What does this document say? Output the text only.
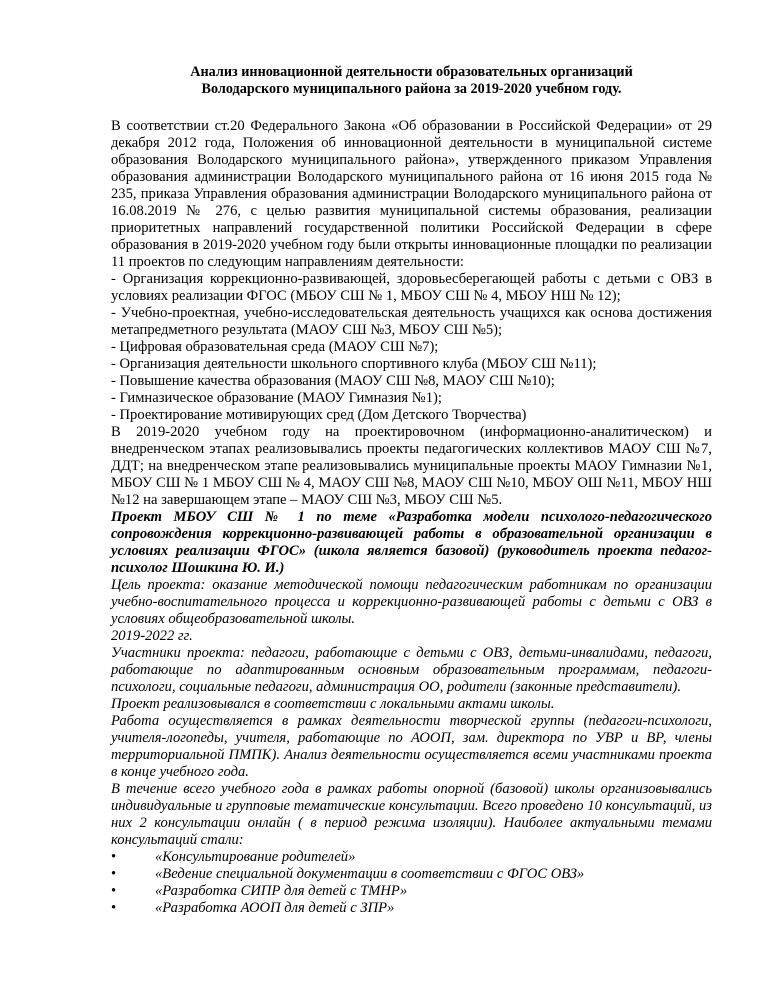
Анализ инновационной деятельности образовательных организаций
Володарского муниципального района за 2019-2020 учебном году.

В соответствии ст.20 Федерального Закона «Об образовании в Российской Федерации» от 29 декабря 2012 года, Положения об инновационной деятельности в муниципальной системе образования Володарского муниципального района», утвержденного приказом Управления образования администрации Володарского муниципального района от 16 июня 2015 года № 235, приказа Управления образования администрации Володарского муниципального района от 16.08.2019 № 276, с целью развития муниципальной системы образования, реализации приоритетных направлений государственной политики Российской Федерации в сфере образования в 2019-2020 учебном году были открыты инновационные площадки по реализации 11 проектов по следующим направлениям деятельности:

- Организация коррекционно-развивающей, здоровьесберегающей работы с детьми с ОВЗ в условиях реализации ФГОС (МБОУ СШ № 1, МБОУ СШ № 4, МБОУ НШ № 12);

- Учебно-проектная, учебно-исследовательская деятельность учащихся как основа достижения метапредметного результата (МАОУ СШ №3, МБОУ СШ №5);

- Цифровая образовательная среда (МАОУ СШ №7);

- Организация деятельности школьного спортивного клуба (МБОУ СШ №11);

- Повышение качества образования (МАОУ СШ №8, МАОУ СШ №10);

- Гимназическое образование (МАОУ Гимназия №1);

- Проектирование мотивирующих сред (Дом Детского Творчества)

В 2019-2020 учебном году на проектировочном (информационно-аналитическом) и внедренческом этапах реализовывались проекты педагогических коллективов МАОУ СШ №7, ДДТ; на внедренческом этапе реализовывались муниципальные проекты МАОУ Гимназии №1, МБОУ СШ № 1 МБОУ СШ № 4, МАОУ СШ №8, МАОУ СШ №10, МБОУ ОШ №11, МБОУ НШ №12 на завершающем этапе – МАОУ СШ №3, МБОУ СШ №5.

Проект МБОУ СШ № 1 по теме «Разработка модели психолого-педагогического сопровождения коррекционно-развивающей работы в образовательной организации в условиях реализации ФГОС» (школа является базовой) (руководитель проекта педагог-психолог Шошкина Ю. И.)

Цель проекта: оказание методической помощи педагогическим работникам по организации учебно-воспитательного процесса и коррекционно-развивающей работы с детьми с ОВЗ в условиях общеобразовательной школы.

2019-2022 гг.

Участники проекта: педагоги, работающие с детьми с ОВЗ, детьми-инвалидами, педагоги, работающие по адаптированным основным образовательным программам, педагоги-психологи, социальные педагоги, администрация ОО, родители (законные представители).

Проект реализовывался в соответствии с локальными актами школы.

Работа осуществляется в рамках деятельности творческой группы (педагоги-психологи, учителя-логопеды, учителя, работающие по АООП, зам. директора по УВР и ВР, члены территориальной ПМПК). Анализ деятельности осуществляется всеми участниками проекта в конце учебного года.

В течение всего учебного года в рамках работы опорной (базовой) школы организовывались индивидуальные и групповые тематические консультации. Всего проведено 10 консультаций, из них 2 консультации онлайн ( в период режима изоляции). Наиболее актуальными темами консультаций стали:

•	«Консультирование родителей»
•	«Ведение специальной документации в соответствии с ФГОС ОВЗ»
•	«Разработка СИПР для детей с ТМНР»
•	«Разработка АООП для детей с ЗПР»
